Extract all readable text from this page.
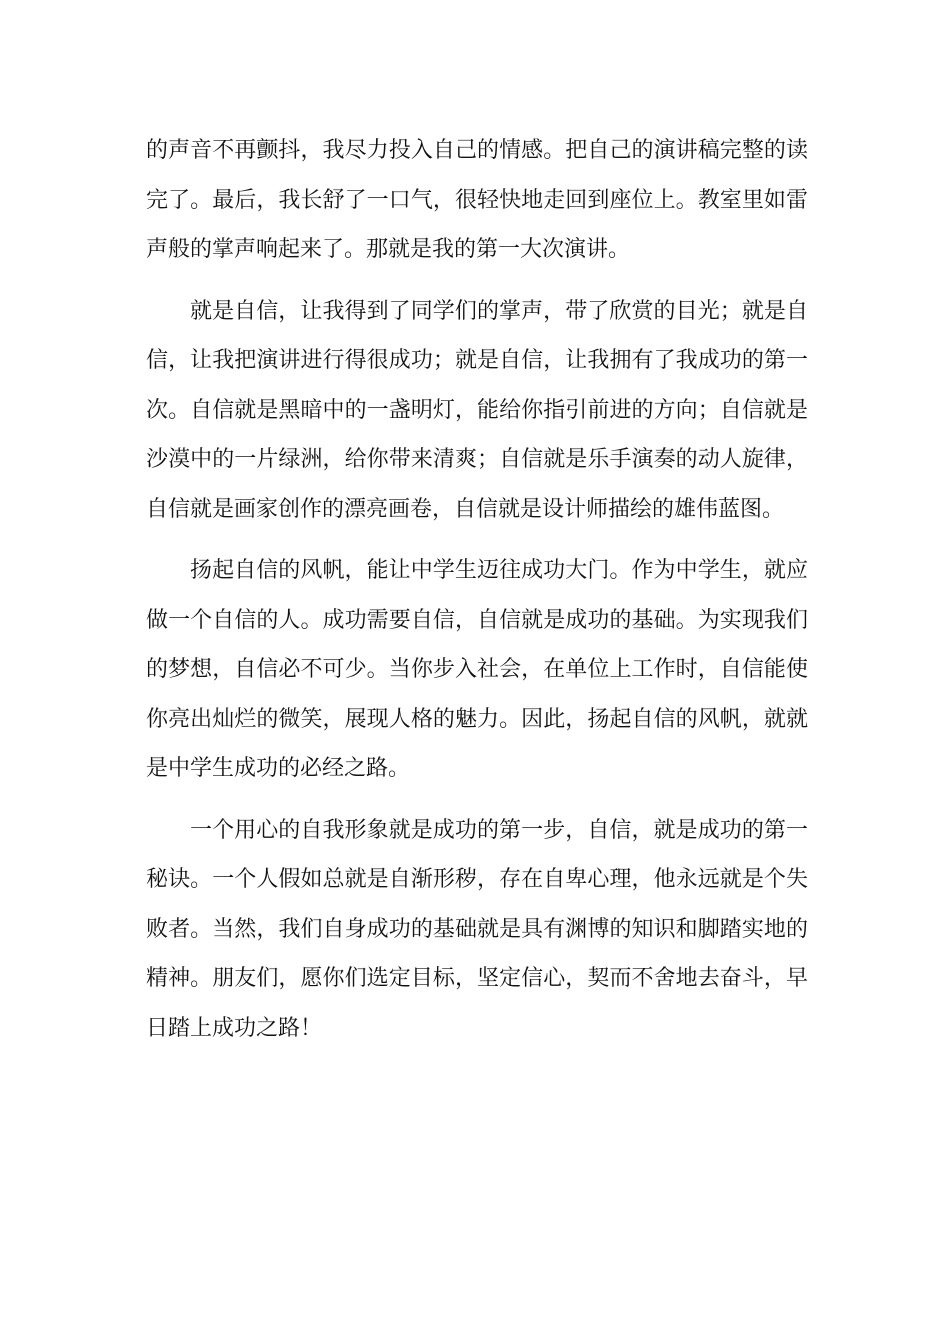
的声音不再颤抖，我尽力投入自己的情感。把自己的演讲稿完整的读完了。最后，我长舒了一口气，很轻快地走回到座位上。教室里如雷声般的掌声响起来了。那就是我的第一大次演讲。

就是自信，让我得到了同学们的掌声，带了欣赏的目光；就是自信，让我把演讲进行得很成功；就是自信，让我拥有了我成功的第一次。自信就是黑暗中的一盏明灯，能给你指引前进的方向；自信就是沙漠中的一片绿洲，给你带来清爽；自信就是乐手演奏的动人旋律，自信就是画家创作的漂亮画卷，自信就是设计师描绘的雄伟蓝图。

扬起自信的风帆，能让中学生迈往成功大门。作为中学生，就应做一个自信的人。成功需要自信，自信就是成功的基础。为实现我们的梦想，自信必不可少。当你步入社会，在单位上工作时，自信能使你亮出灿烂的微笑，展现人格的魅力。因此，扬起自信的风帆，就就是中学生成功的必经之路。

一个用心的自我形象就是成功的第一步，自信，就是成功的第一秘诀。一个人假如总就是自渐形秽，存在自卑心理，他永远就是个失败者。当然，我们自身成功的基础就是具有渊博的知识和脚踏实地的精神。朋友们，愿你们选定目标，坚定信心，契而不舍地去奋斗，早日踏上成功之路！
